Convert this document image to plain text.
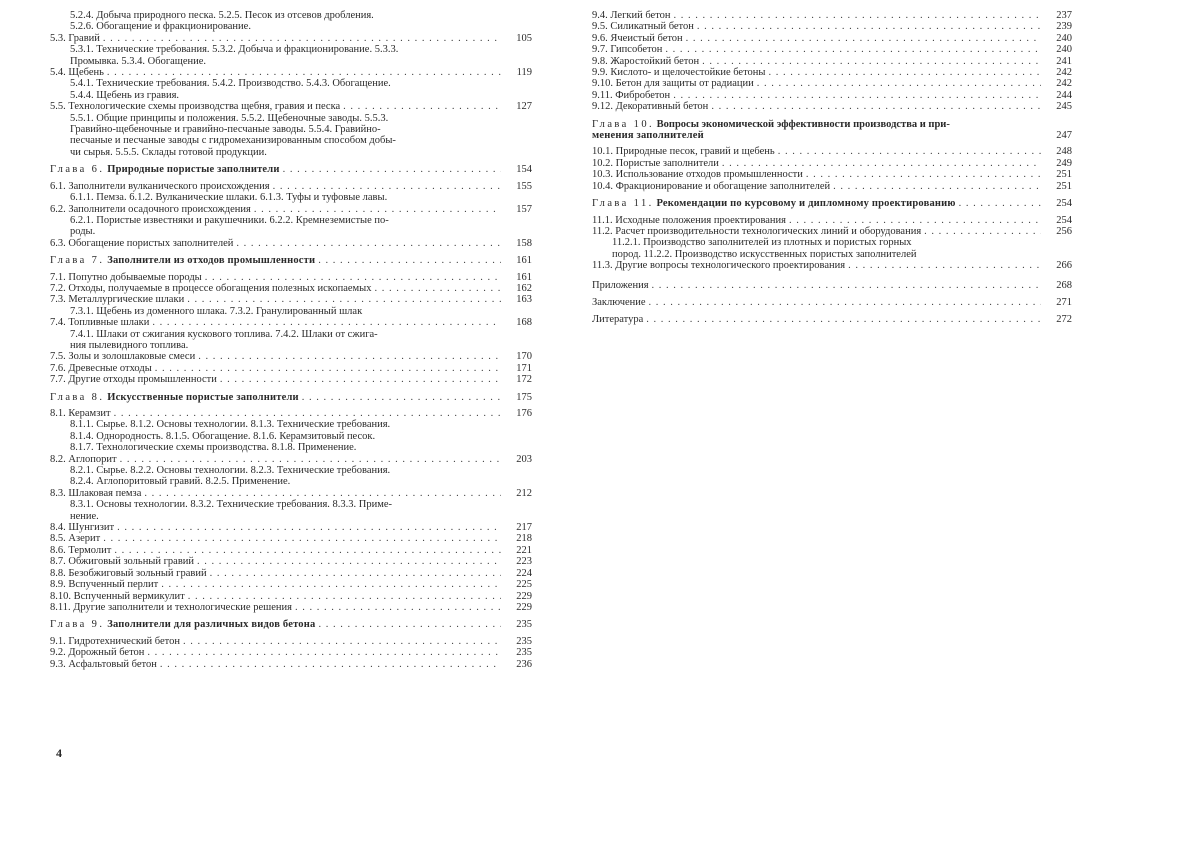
5.2.4. Добыча природного песка. 5.2.5. Песок из отсевов дробления.
5.2.6. Обогащение и фракционирование.
5.3. Гравий . . .	105
5.3.1. Технические требования. 5.3.2. Добыча и фракционирование. 5.3.3.
Промывка. 5.3.4. Обогащение.
5.4. Щебень . . .	119
5.4.1. Технические требования. 5.4.2. Производство. 5.4.3. Обогащение.
5.4.4. Щебень из гравия.
5.5. Технологические схемы производства щебня, гравия и песка . . .	127
5.5.1. Общие принципы и положения. 5.5.2. Щебеночные заводы. 5.5.3.
Гравийно-щебеночные и гравийно-песчаные заводы. 5.5.4. Гравийно-
песчаные и песчаные заводы с гидромеханизированным способом добы-
чи сырья. 5.5.5. Склады готовой продукции.
Глава 6. Природные пористые заполнители . . .	154
6.1. Заполнители вулканического происхождения . . .	155
6.1.1. Пемза. 6.1.2. Вулканические шлаки. 6.1.3. Туфы и туфовые лавы.
6.2. Заполнители осадочного происхождения . . .	157
6.2.1. Пористые известняки и ракушечники. 6.2.2. Кремнеземистые по-
роды.
6.3. Обогащение пористых заполнителей . . .	158
Глава 7. Заполнители из отходов промышленности . . .	161
7.1. Попутно добываемые породы . . .	161
7.2. Отходы, получаемые в процессе обогащения полезных ископаемых . . .	162
7.3. Металлургические шлаки . . .	163
7.3.1. Щебень из доменного шлака. 7.3.2. Гранулированный шлак
7.4. Топливные шлаки . . .	168
7.4.1. Шлаки от сжигания кускового топлива. 7.4.2. Шлаки от сжига-
ния пылевидного топлива.
7.5. Золы и золошлаковые смеси . . .	170
7.6. Древесные отходы . . .	171
7.7. Другие отходы промышленности . . .	172
Глава 8. Искусственные пористые заполнители . . .	175
8.1. Керамзит . . .	176
8.1.1. Сырье. 8.1.2. Основы технологии. 8.1.3. Технические требования.
8.1.4. Однородность. 8.1.5. Обогащение. 8.1.6. Керамзитовый песок.
8.1.7. Технологические схемы производства. 8.1.8. Применение.
8.2. Аглопорит . . .	203
8.2.1. Сырье. 8.2.2. Основы технологии. 8.2.3. Технические требования.
8.2.4. Аглопоритовый гравий. 8.2.5. Применение.
8.3. Шлаковая пемза . . .	212
8.3.1. Основы технологии. 8.3.2. Технические требования. 8.3.3. Приме-
нение.
8.4. Шунгизит . . .	217
8.5. Азерит . . .	218
8.6. Термолит . . .	221
8.7. Обжиговый зольный гравий . . .	223
8.8. Безобжиговый зольный гравий . . .	224
8.9. Вспученный перлит . . .	225
8.10. Вспученный вермикулит . . .	229
8.11. Другие заполнители и технологические решения . . .	229
Глава 9. Заполнители для различных видов бетона . . .	235
9.1. Гидротехнический бетон . . .	235
9.2. Дорожный бетон . . .	235
9.3. Асфальтовый бетон . . .	236
4
9.4. Легкий бетон . . .	237
9.5. Силикатный бетон . . .	239
9.6. Ячеистый бетон . . .	240
9.7. Гипсобетон . . .	240
9.8. Жаростойкий бетон . . .	241
9.9. Кислото- и щелочестойкие бетоны . . .	242
9.10. Бетон для защиты от радиации . . .	242
9.11. Фибробетон . . .	244
9.12. Декоративный бетон . . .	245
Глава 10. Вопросы экономической эффективности производства и при-
менения заполнителей	247
10.1. Природные песок, гравий и щебень . . .	248
10.2. Пористые заполнители . . .	249
10.3. Использование отходов промышленности . . .	251
10.4. Фракционирование и обогащение заполнителей . . .	251
Глава 11. Рекомендации по курсовому и дипломному проектированию . . .	254
11.1. Исходные положения проектирования . . .	254
11.2. Расчет производительности технологических линий и оборудования . . .	256
11.2.1. Производство заполнителей из плотных и пористых горных
пород. 11.2.2. Производство искусственных пористых заполнителей
11.3. Другие вопросы технологического проектирования . . .	266
Приложения . . .	268
Заключение . . .	271
Литература . . .	272
